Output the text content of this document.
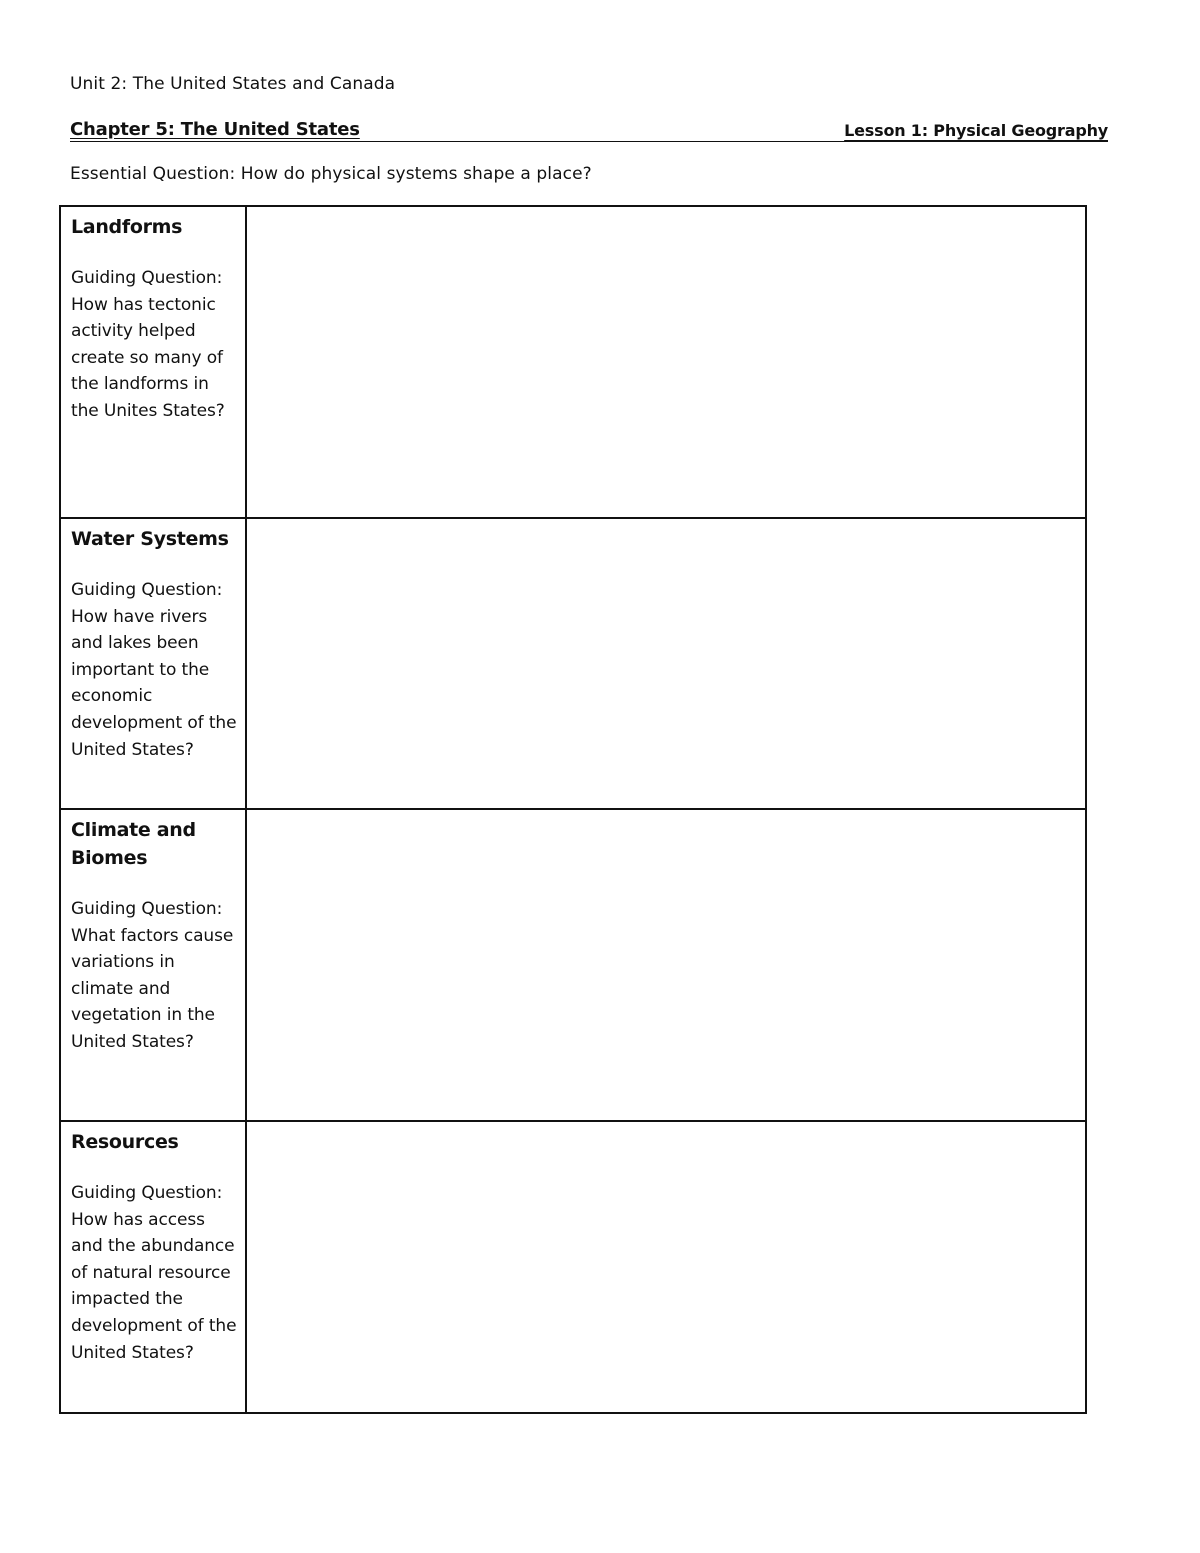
Unit 2: The United States and Canada
Chapter 5: The United States	Lesson 1: Physical Geography
Essential Question: How do physical systems shape a place?
Landforms
Guiding Question:
How has tectonic activity helped create so many of the landforms in the Unites States?	

Water Systems
Guiding Question:
How have rivers and lakes been important to the economic development of the United States?	

Climate and Biomes
Guiding Question:
What factors cause variations in climate and vegetation in the United States?	

Resources
Guiding Question:
How has access and the abundance of natural resource impacted the development of the United States?	
